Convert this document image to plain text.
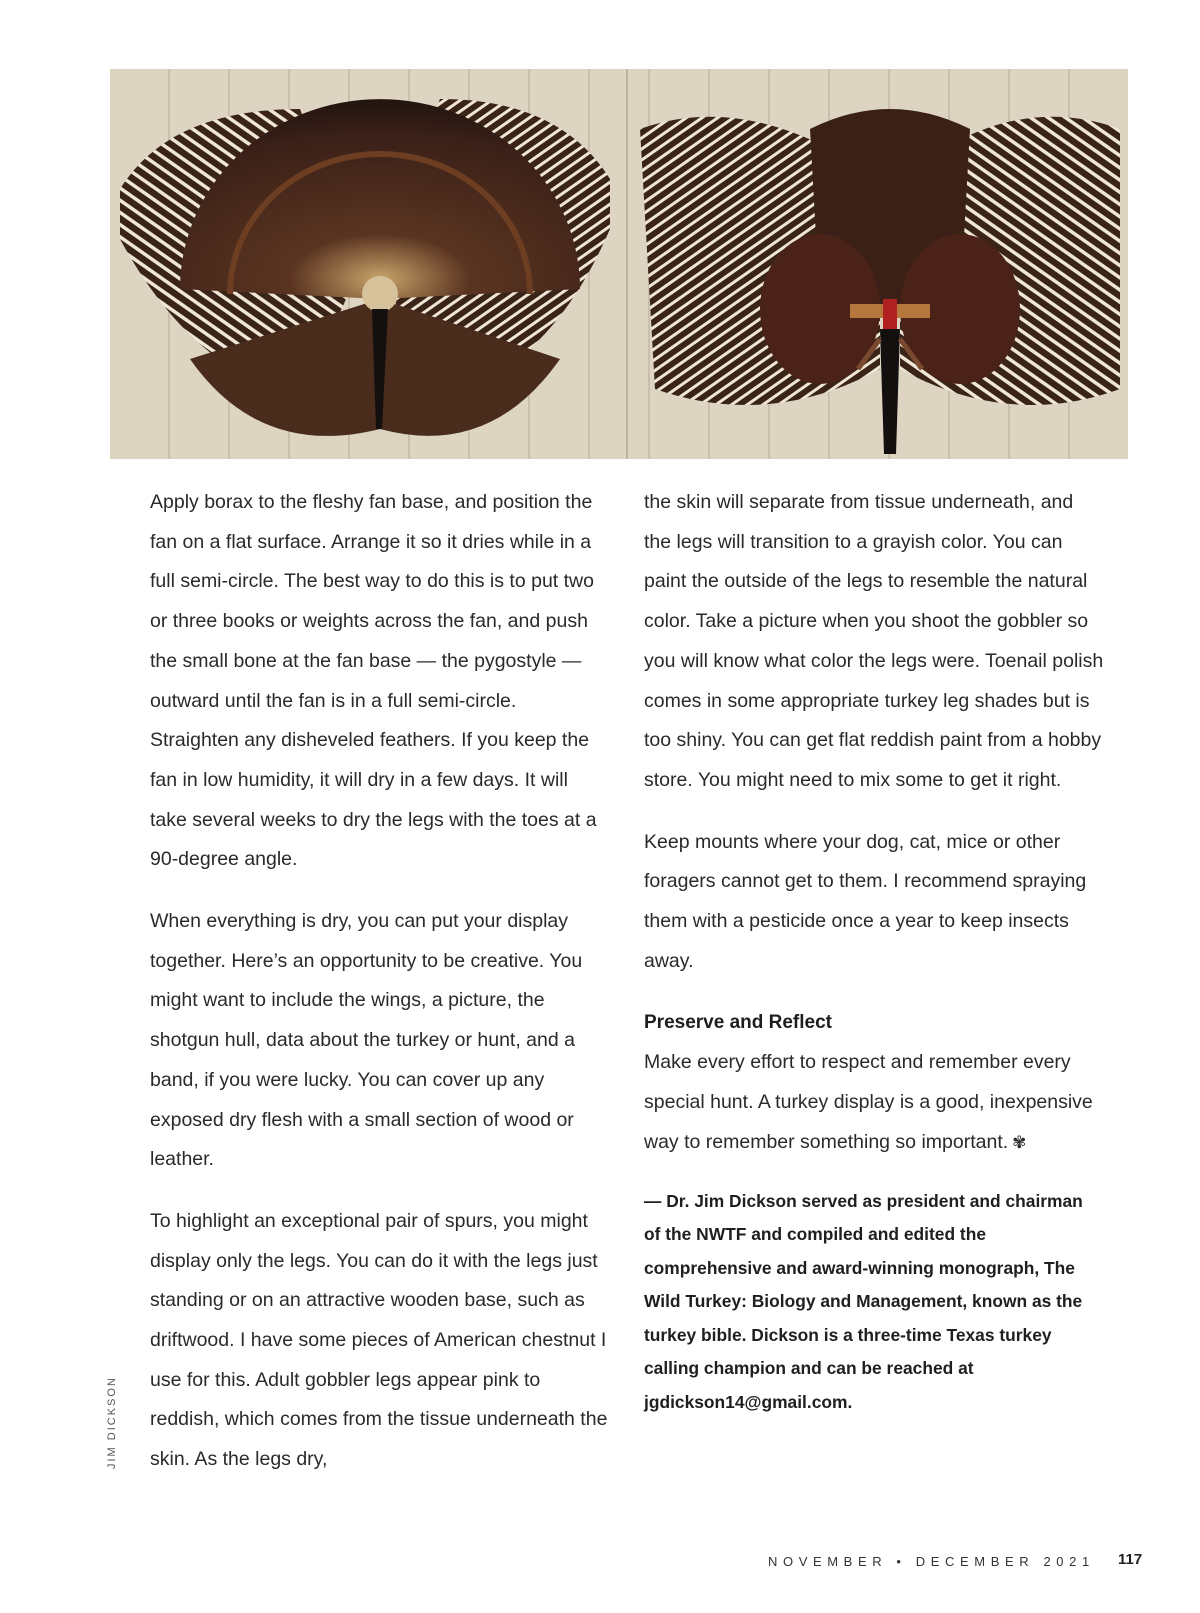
Apply borax to the fleshy fan base, and position the fan on a flat surface. Arrange it so it dries while in a full semi-circle. The best way to do this is to put two or three books or weights across the fan, and push the small bone at the fan base — the pygostyle — outward until the fan is in a full semi-circle. Straighten any disheveled feathers. If you keep the fan in low humidity, it will dry in a few days. It will take several weeks to dry the legs with the toes at a 90-degree angle.

When everything is dry, you can put your display together. Here’s an opportunity to be creative. You might want to include the wings, a picture, the shotgun hull, data about the turkey or hunt, and a band, if you were lucky. You can cover up any exposed dry flesh with a small section of wood or leather.

To highlight an exceptional pair of spurs, you might display only the legs. You can do it with the legs just standing or on an attractive wooden base, such as driftwood. I have some pieces of American chestnut I use for this. Adult gobbler legs appear pink to reddish, which comes from the tissue underneath the skin. As the legs dry,

the skin will separate from tissue underneath, and the legs will transition to a grayish color. You can paint the outside of the legs to resemble the natural color. Take a picture when you shoot the gobbler so you will know what color the legs were. Toenail polish comes in some appropriate turkey leg shades but is too shiny. You can get flat reddish paint from a hobby store. You might need to mix some to get it right.

Keep mounts where your dog, cat, mice or other foragers cannot get to them. I recommend spraying them with a pesticide once a year to keep insects away.

Preserve and Reflect

Make every effort to respect and remember every special hunt. A turkey display is a good, inexpensive way to remember something so important. ✾

— Dr. Jim Dickson served as president and chairman of the NWTF and compiled and edited the comprehensive and award-winning monograph, The Wild Turkey: Biology and Management, known as the turkey bible. Dickson is a three-time Texas turkey calling champion and can be reached at jgdickson14@gmail.com.

JIM DICKSON
NOVEMBER • DECEMBER 2021 117
